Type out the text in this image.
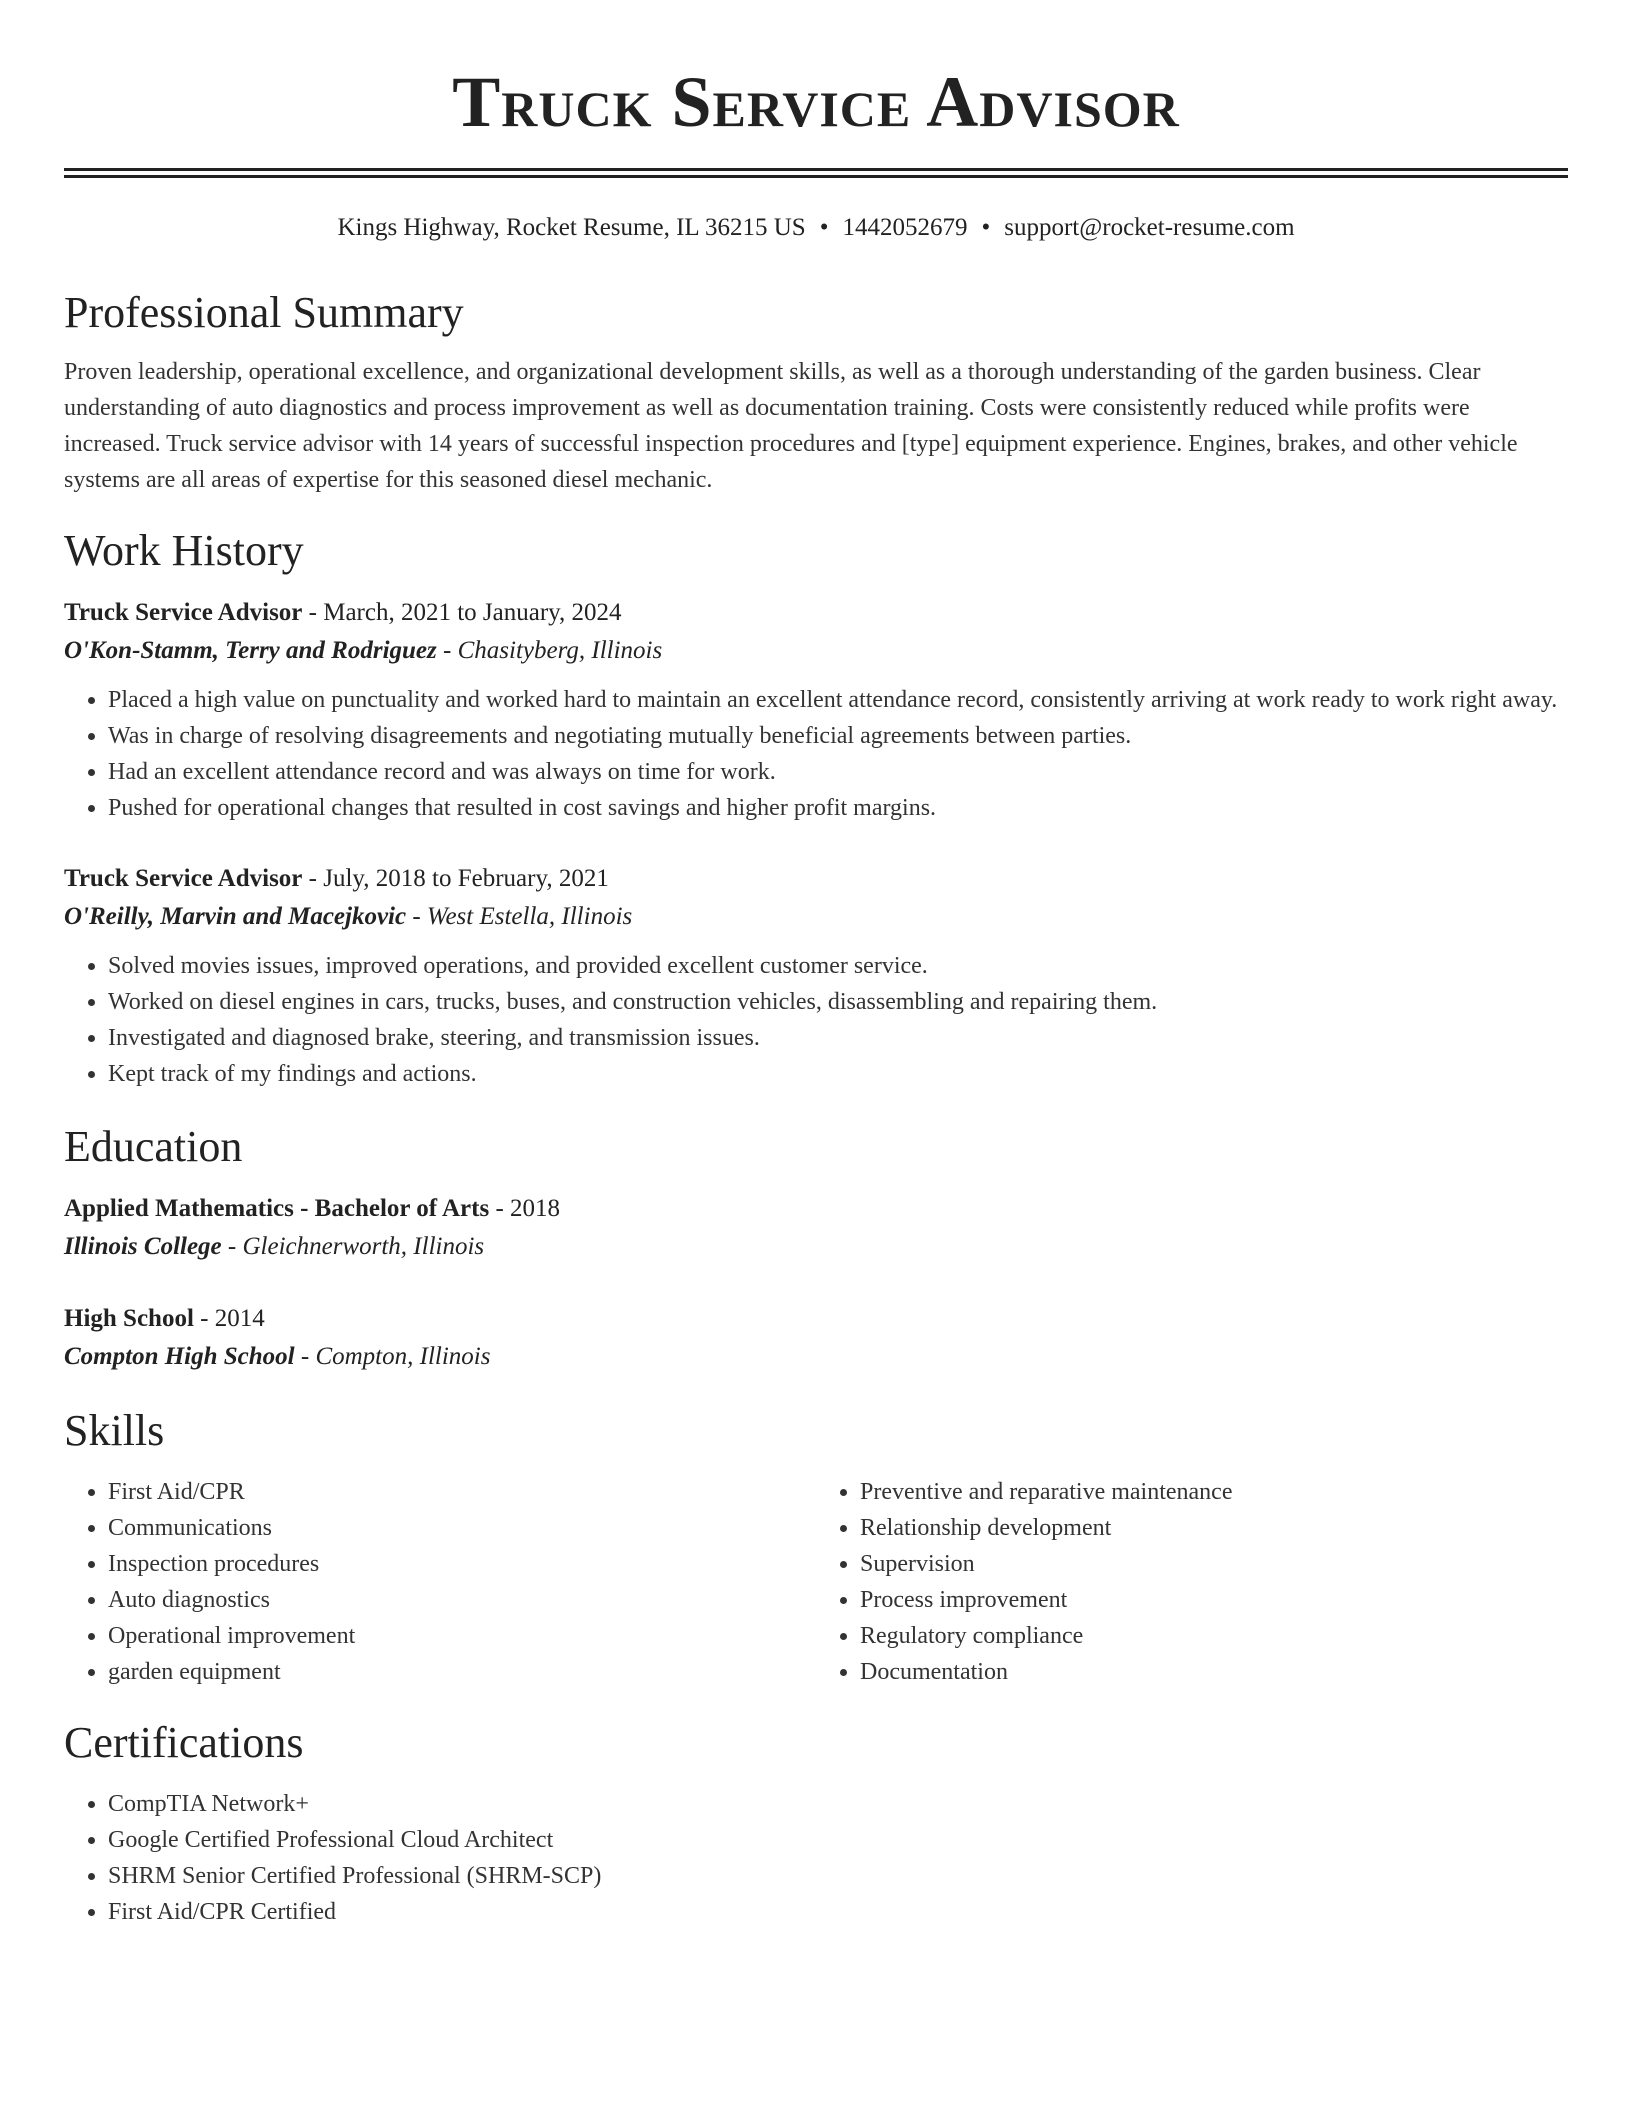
Truck Service Advisor
Kings Highway, Rocket Resume, IL 36215 US • 1442052679 • support@rocket-resume.com
Professional Summary
Proven leadership, operational excellence, and organizational development skills, as well as a thorough understanding of the garden business. Clear understanding of auto diagnostics and process improvement as well as documentation training. Costs were consistently reduced while profits were increased. Truck service advisor with 14 years of successful inspection procedures and [type] equipment experience. Engines, brakes, and other vehicle systems are all areas of expertise for this seasoned diesel mechanic.
Work History
Truck Service Advisor - March, 2021 to January, 2024
O'Kon-Stamm, Terry and Rodriguez - Chasityberg, Illinois
• Placed a high value on punctuality and worked hard to maintain an excellent attendance record, consistently arriving at work ready to work right away.
• Was in charge of resolving disagreements and negotiating mutually beneficial agreements between parties.
• Had an excellent attendance record and was always on time for work.
• Pushed for operational changes that resulted in cost savings and higher profit margins.
Truck Service Advisor - July, 2018 to February, 2021
O'Reilly, Marvin and Macejkovic - West Estella, Illinois
• Solved movies issues, improved operations, and provided excellent customer service.
• Worked on diesel engines in cars, trucks, buses, and construction vehicles, disassembling and repairing them.
• Investigated and diagnosed brake, steering, and transmission issues.
• Kept track of my findings and actions.
Education
Applied Mathematics - Bachelor of Arts - 2018
Illinois College - Gleichnerworth, Illinois
High School - 2014
Compton High School - Compton, Illinois
Skills
• First Aid/CPR
• Communications
• Inspection procedures
• Auto diagnostics
• Operational improvement
• garden equipment
• Preventive and reparative maintenance
• Relationship development
• Supervision
• Process improvement
• Regulatory compliance
• Documentation
Certifications
• CompTIA Network+
• Google Certified Professional Cloud Architect
• SHRM Senior Certified Professional (SHRM-SCP)
• First Aid/CPR Certified
